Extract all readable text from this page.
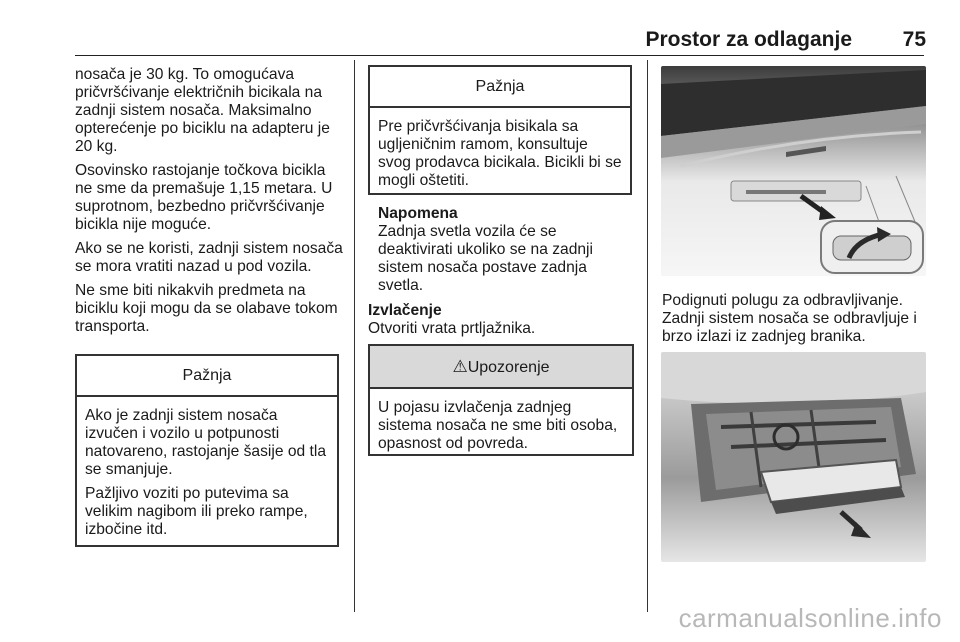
Prostor za odlaganje 75

nosača je 30 kg. To omogućava pričvršćivanje električnih bicikala na zadnji sistem nosača. Maksimalno opterećenje po biciklu na adapteru je 20 kg.

Osovinsko rastojanje točkova bicikla ne sme da premašuje 1,15 metara. U suprotnom, bezbedno pričvršćivanje bicikla nije moguće.

Ako se ne koristi, zadnji sistem nosača se mora vratiti nazad u pod vozila.

Ne sme biti nikakvih predmeta na biciklu koji mogu da se olabave tokom transporta.

Pažnja

Ako je zadnji sistem nosača izvučen i vozilo u potpunosti natovareno, rastojanje šasije od tla se smanjuje.

Pažljivo voziti po putevima sa velikim nagibom ili preko rampe, izbočine itd.

Pažnja

Pre pričvršćivanja bisikala sa ugljeničnim ramom, konsultuje svog prodavca bicikala. Bicikli bi se mogli oštetiti.

Napomena
Zadnja svetla vozila će se deaktivirati ukoliko se na zadnji sistem nosača postave zadnja svetla.
Izvlačenje
Otvoriti vrata prtljažnika.
⚠Upozorenje

U pojasu izvlačenja zadnjeg sistema nosača ne sme biti osoba, opasnost od povreda.

Podignuti polugu za odbravljivanje. Zadnji sistem nosača se odbravljuje i brzo izlazi iz zadnjeg branika.
carmanualsonline.info
